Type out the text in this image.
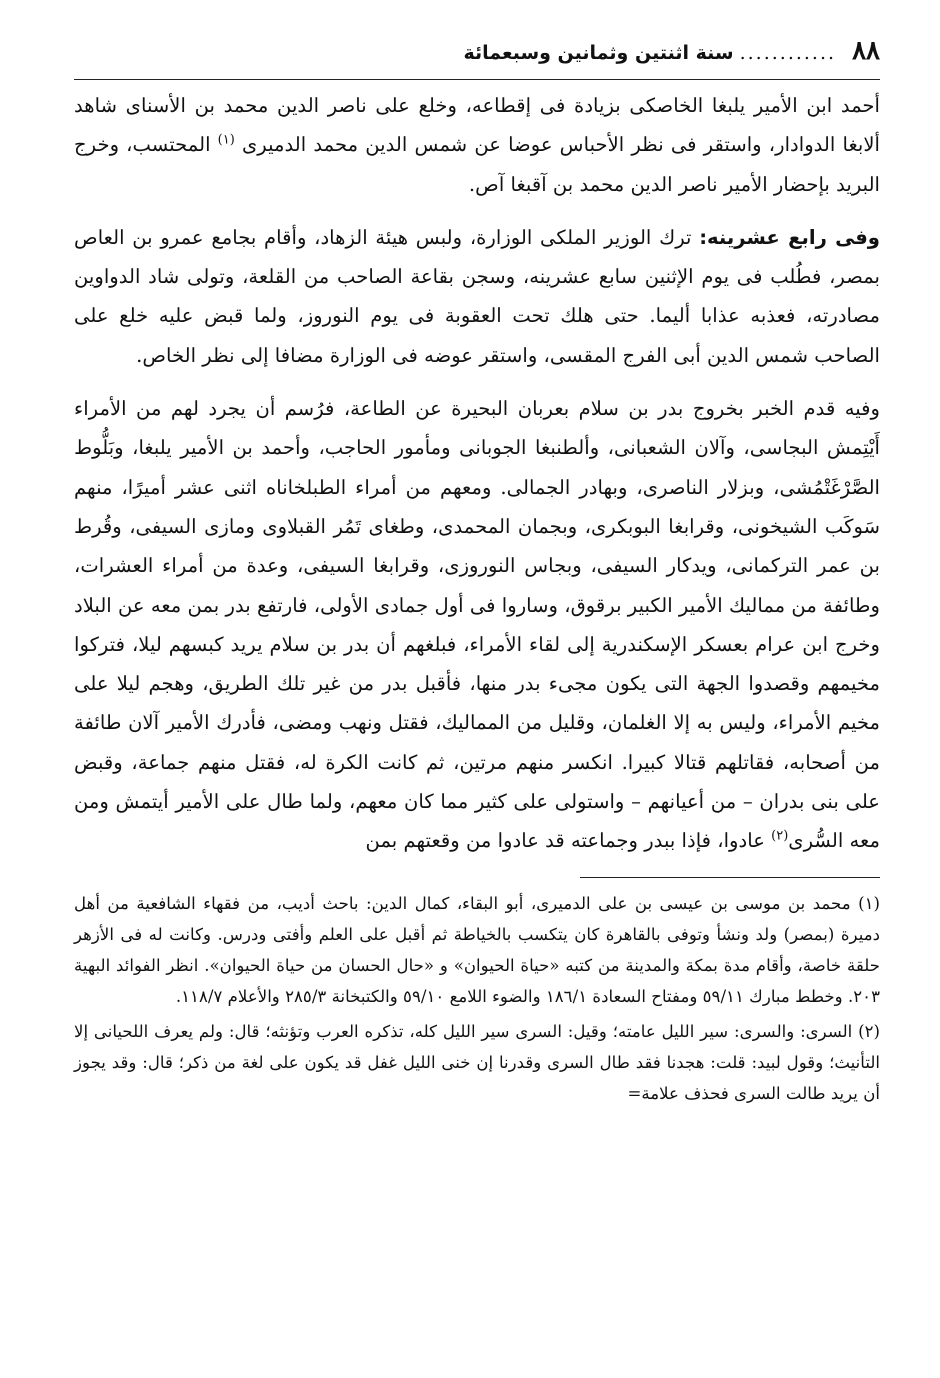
٨٨
............
سنة اثنتين وثمانين وسبعمائة

أحمد ابن الأمير يلبغا الخاصكى بزيادة فى إقطاعه، وخلع على ناصر الدين محمد بن الأسناى شاهد ألابغا الدوادار، واستقر فى نظر الأحباس عوضا عن شمس الدين محمد الدميرى $^{(١)}$ المحتسب، وخرج البريد بإحضار الأمير ناصر الدين محمد بن آقبغا آص.

وفى رابع عشرينه: ترك الوزير الملكى الوزارة، ولبس هيئة الزهاد، وأقام بجامع عمرو بن العاص بمصر، فطُلب فى يوم الإثنين سابع عشرينه، وسجن بقاعة الصاحب من القلعة، وتولى شاد الدواوين مصادرته، فعذبه عذابا أليما. حتى هلك تحت العقوبة فى يوم النوروز، ولما قبض عليه خلع على الصاحب شمس الدين أبى الفرج المقسى، واستقر عوضه فى الوزارة مضافا إلى نظر الخاص.

وفيه قدم الخبر بخروج بدر بن سلام بعربان البحيرة عن الطاعة، فرُسم أن يجرد لهم من الأمراء أَيْتِمش البجاسى، وآلان الشعبانى، وألطنبغا الجوبانى ومأمور الحاجب، وأحمد بن الأمير يلبغا، وبَلُّوط الصَّرْغَتْمُشى، وبزلار الناصرى، وبهادر الجمالى. ومعهم من أمراء الطبلخاناه اثنى عشر أميرًا، منهم سَوكَب الشيخونى، وقرابغا البوبكرى، وبجمان المحمدى، وطغاى تَمُر القبلاوى ومازى السيفى، وقُرط بن عمر التركمانى، ويدكار السيفى، وبجاس النوروزى، وقرابغا السيفى، وعدة من أمراء العشرات، وطائفة من مماليك الأمير الكبير برقوق، وساروا فى أول جمادى الأولى، فارتفع بدر بمن معه عن البلاد وخرج ابن عرام بعسكر الإسكندرية إلى لقاء الأمراء، فبلغهم أن بدر بن سلام يريد كبسهم ليلا، فتركوا مخيمهم وقصدوا الجهة التى يكون مجىء بدر منها، فأقبل بدر من غير تلك الطريق، وهجم ليلا على مخيم الأمراء، وليس به إلا الغلمان، وقليل من المماليك، فقتل ونهب ومضى، فأدرك الأمير آلان طائفة من أصحابه، فقاتلهم قتالا كبيرا. انكسر منهم مرتين، ثم كانت الكرة له، فقتل منهم جماعة، وقبض على بنى بدران – من أعيانهم – واستولى على كثير مما كان معهم، ولما طال على الأمير أيتمش ومن معه السُّرى$^{(٢)}$ عادوا، فإذا ببدر وجماعته قد عادوا من وقعتهم بمن

(١) محمد بن موسى بن عيسى بن على الدميرى، أبو البقاء، كمال الدين: باحث أديب، من فقهاء الشافعية من أهل دميرة (بمصر) ولد ونشأ وتوفى بالقاهرة كان يتكسب بالخياطة ثم أقبل على العلم وأفتى ودرس. وكانت له فى الأزهر حلقة خاصة، وأقام مدة بمكة والمدينة من كتبه «حياة الحيوان» و «حال الحسان من حياة الحيوان». انظر الفوائد البهية ٢٠٣. وخطط مبارك ٥٩/١١ ومفتاح السعادة ١٨٦/١ والضوء اللامع ٥٩/١٠ والكتبخانة ٢٨٥/٣ والأعلام ١١٨/٧.

(٢) السرى: والسرى: سير الليل عامته؛ وقيل: السرى سير الليل كله، تذكره العرب وتؤنثه؛ قال: ولم يعرف اللحيانى إلا التأنيث؛ وقول لبيد: قلت: هجدنا فقد طال السرى وقدرنا إن خنى الليل غفل قد يكون على لغة من ذكر؛ قال: وقد يجوز أن يريد طالت السرى فحذف علامة=
